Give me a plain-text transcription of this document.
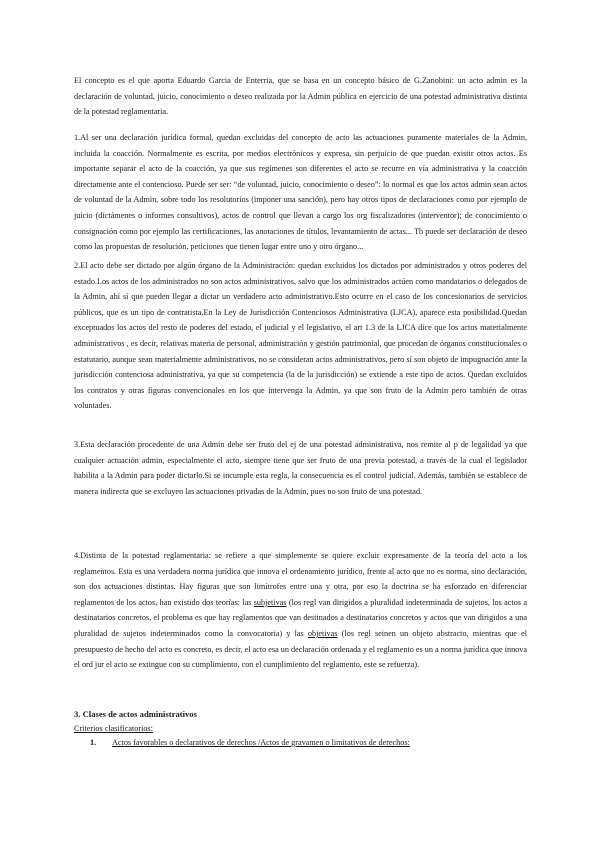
El concepto es el que aporta Eduardo Garcia de Enterria, que se basa en un concepto básico de G.Zanobini: un acto admin es la declaración de voluntad, juicio, conocimiento o deseo realizada por la Admin pública en ejercicio de una potestad administrativa distinta de la potestad reglamentaria.

1.Al ser una declaración jurídica formal, quedan excluidas del concepto de acto las actuaciones puramente materiales de la Admin, incluida la coacción. Normalmente es escrita, por medios electrónicos y expresa, sin perjuicio de que puedan existir otros actos. Es importante separar el acto de la coacción, ya que sus regímenes son diferentes el acto se recurre en vía administrativa y la coacción directamente ante el contencioso. Puede ser ser: “de voluntad, juicio, conocimiento o deseo”: lo normal es que los actos admin sean actos de voluntad de la Admin, sobre todo los resolutorios (imponer una sanción), pero hay otros tipos de declaraciones como por ejemplo de juicio (dictámenes o informes consultivos), actos de control que llevan a cargo los org fiscalizadores (interventor); de conocimiento o consignación como por ejemplo las certificaciones, las anotaciones de títulos, levantamiento de actas... Tb puede ser declaración de deseo como las propuestas de resolución, peticiones que tienen lugar entre uno y otro órgano...

2.El acto debe ser dictado por algún órgano de la Administración: quedan excluidos los dictados por administrados y otros poderes del estado.Los actos de los administrados no son actos administrativos, salvo que los administrados actúen como mandatarios o delegados de la Admin, ahí sí que pueden llegar a dictar un verdadero acto administrativo.Esto ocurre en el caso de los concesionarios de servicios públicos, que es un tipo de contratista.En la Ley de Jurisdicción Contenciosos Administrativa (LJCA), aparece esta posibilidad.Quedan exceptuados los actos del resto de poderes del estado, el judicial y el legislativo, el art 1.3 de la LJCA dice que los actos materialmente administrativos , es decir, relativas materia de personal, administración y gestión patrimonial, que procedan de órganos constitucionales o estatutario, aunque sean materialmente administrativos, no se consideran actos administrativos, pero sí son objeto de impugnación ante la jurisdicción contenciosa administrativa, ya que su competencia (la de la jurisdicción) se extiende a este tipo de actos. Quedan excluidos los contratos y otras figuras convencionales en los que intervenga la Admin, ya que son fruto de la Admin pero también de otras voluntades.

3.Esta declaración procedente de una Admin debe ser fruto del ej de una potestad administrativa, nos remite al p de legalidad ya que cualquier actuación admin, especialmente el acto, siempre tiene que ser fruto de una previa potestad, a través de la cual el legislador habilita a la Admin para poder dictarlo.Si se incumple esta regla, la consecuencia es el control judicial. Además, también se establece de manera indirecta que se excluyen las actuaciones privadas de la Admin, pues no son fruto de una potestad.

4.Distinta de la potestad reglamentaria: se refiere a que simplemente se quiere excluir expresamente de la teoría del acto a los reglamentos. Esta es una verdadera norma jurídica que innova el ordenamiento jurídico, frente al acto que no es norma, sino declaración, son dos actuaciones distintas. Hay figuras que son limítrofes entre una y otra, por eso la doctrina se ha esforzado en diferenciar reglamentos de los actos, han existido dos teorías: las subjetivas (los regl van dirigidos a pluralidad indeterminada de sujetos, los actos a destinatarios concretos, el problema es que hay reglamentos que van destinados a destinatarios concretos y actos que van dirigidos a una pluralidad de sujetos indeterminados como la convocatoria) y las objetivas (los regl seinen un objeto abstracto, mientras que el presupuesto de hecho del acto es concreto, es decir, el acto esa un declaración ordenada y el reglamento es un a norma jurídica que innova el ord jur el acto se extingue con su cumplimiento, con el cumplimiento del reglamento, este se refuerza).

3. Clases de actos administrativos

Criterios clasificatorios:

1. Actos favorables o declarativos de derechos /Actos de gravamen o limitativos de derechos:
